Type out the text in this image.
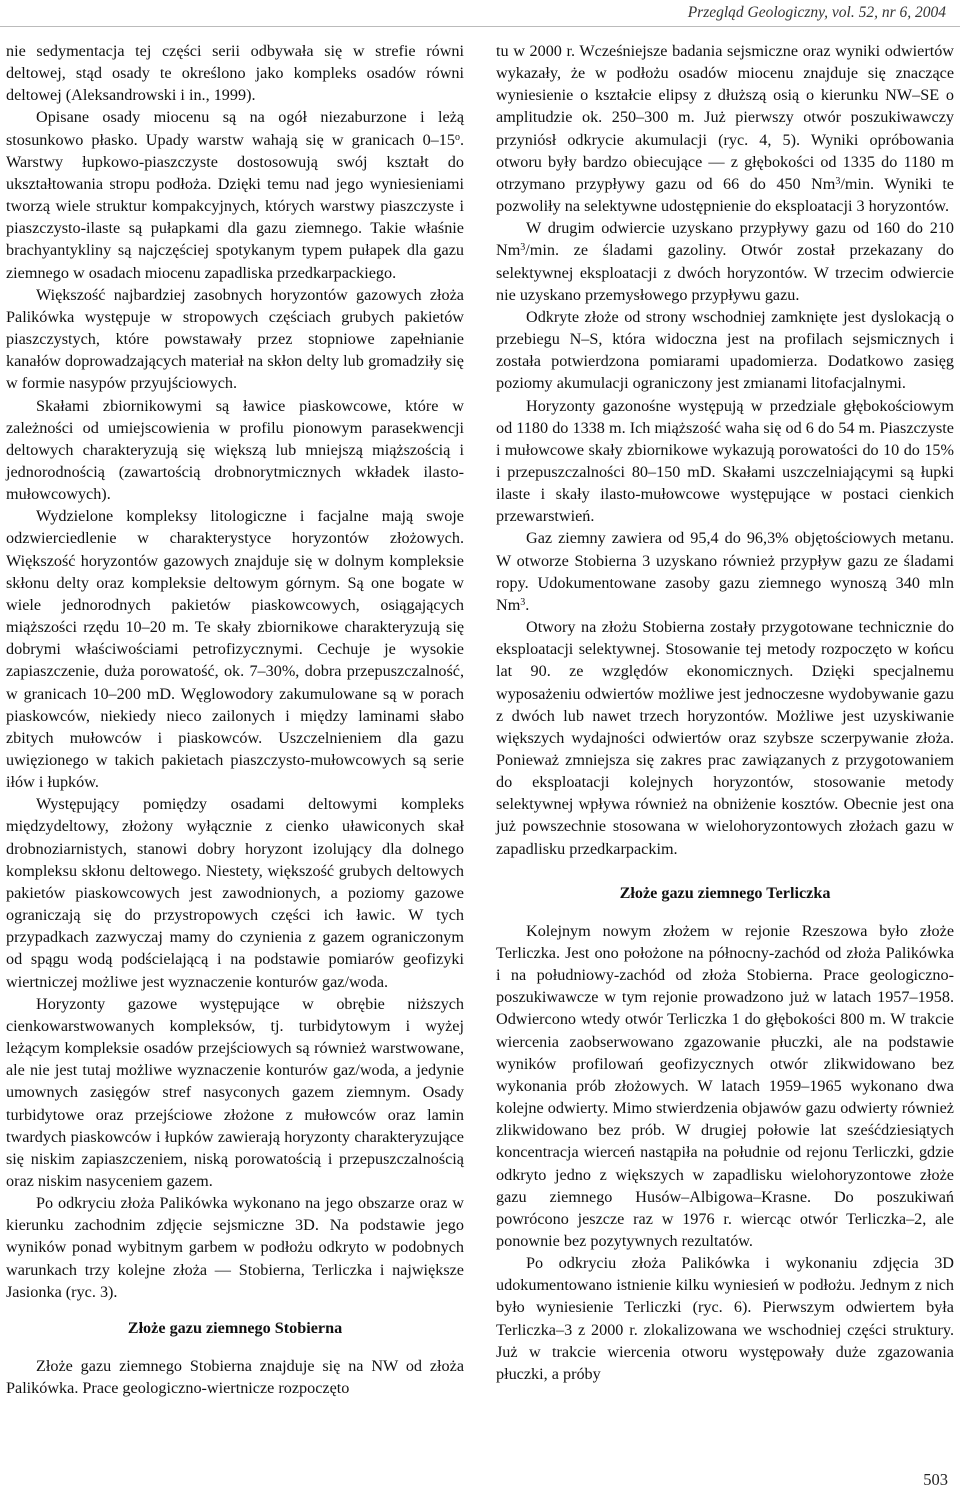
Przegląd Geologiczny, vol. 52, nr 6, 2004

nie sedymentacja tej części serii odbywała się w strefie równi deltowej, stąd osady te określono jako kompleks osadów równi deltowej (Aleksandrowski i in., 1999).

Opisane osady miocenu są na ogół niezaburzone i leżą stosunkowo płasko. Upady warstw wahają się w granicach 0–15$^o$. Warstwy łupkowo-piaszczyste dostosowują swój kształt do ukształtowania stropu podłoża. Dzięki temu nad jego wyniesieniami tworzą wiele struktur kompakcyjnych, których warstwy piaszczyste i piaszczysto-ilaste są pułapkami dla gazu ziemnego. Takie właśnie brachyantykliny są najczęściej spotykanym typem pułapek dla gazu ziemnego w osadach miocenu zapadliska przedkarpackiego.

Większość najbardziej zasobnych horyzontów gazowych złoża Palikówka występuje w stropowych częściach grubych pakietów piaszczystych, które powstawały przez stopniowe zapełnianie kanałów doprowadzających materiał na skłon delty lub gromadziły się w formie nasypów przyujściowych.

Skałami zbiornikowymi są ławice piaskowcowe, które w zależności od umiejscowienia w profilu pionowym parasekwencji deltowych charakteryzują się większą lub mniejszą miąższością i jednorodnością (zawartością drobnorytmicznych wkładek ilasto-mułowcowych).

Wydzielone kompleksy litologiczne i facjalne mają swoje odzwierciedlenie w charakterystyce horyzontów złożowych. Większość horyzontów gazowych znajduje się w dolnym kompleksie skłonu delty oraz kompleksie deltowym górnym. Są one bogate w wiele jednorodnych pakietów piaskowcowych, osiągających miąższości rzędu 10–20 m. Te skały zbiornikowe charakteryzują się dobrymi właściwościami petrofizycznymi. Cechuje je wysokie zapiaszczenie, duża porowatość, ok. 7–30%, dobra przepuszczalność, w granicach 10–200 mD. Węglowodory zakumulowane są w porach piaskowców, niekiedy nieco zailonych i między laminami słabo zbitych mułowców i piaskowców. Uszczelnieniem dla gazu uwięzionego w takich pakietach piaszczysto-mułowcowych są serie iłów i łupków.

Występujący pomiędzy osadami deltowymi kompleks międzydeltowy, złożony wyłącznie z cienko uławiconych skał drobnoziarnistych, stanowi dobry horyzont izolujący dla dolnego kompleksu skłonu deltowego. Niestety, większość grubych deltowych pakietów piaskowcowych jest zawodnionych, a poziomy gazowe ograniczają się do przystropowych części ich ławic. W tych przypadkach zazwyczaj mamy do czynienia z gazem ograniczonym od spągu wodą podścielającą i na podstawie pomiarów geofizyki wiertniczej możliwe jest wyznaczenie konturów gaz/woda.

Horyzonty gazowe występujące w obrębie niższych cienkowarstwowanych kompleksów, tj. turbidytowym i wyżej leżącym kompleksie osadów przejściowych są również warstwowane, ale nie jest tutaj możliwe wyznaczenie konturów gaz/woda, a jedynie umownych zasięgów stref nasyconych gazem ziemnym. Osady turbidytowe oraz przejściowe złożone z mułowców oraz lamin twardych piaskowców i łupków zawierają horyzonty charakteryzujące się niskim zapiaszczeniem, niską porowatością i przepuszczalnością oraz niskim nasyceniem gazem.

Po odkryciu złoża Palikówka wykonano na jego obszarze oraz w kierunku zachodnim zdjęcie sejsmiczne 3D. Na podstawie jego wyników ponad wybitnym garbem w podłożu odkryto w podobnych warunkach trzy kolejne złoża — Stobierna, Terliczka i największe Jasionka (ryc. 3).

Złoże gazu ziemnego Stobierna

Złoże gazu ziemnego Stobierna znajduje się na NW od złoża Palikówka. Prace geologiczno-wiertnicze rozpoczęto

tu w 2000 r. Wcześniejsze badania sejsmiczne oraz wyniki odwiertów wykazały, że w podłożu osadów miocenu znajduje się znaczące wyniesienie o kształcie elipsy z dłuższą osią o kierunku NW–SE o amplitudzie ok. 250–300 m. Już pierwszy otwór poszukiwawczy przyniósł odkrycie akumulacji (ryc. 4, 5). Wyniki opróbowania otworu były bardzo obiecujące — z głębokości od 1335 do 1180 m otrzymano przypływy gazu od 66 do 450 Nm$^3$/min. Wyniki te pozwoliły na selektywne udostępnienie do eksploatacji 3 horyzontów.

W drugim odwiercie uzyskano przypływy gazu od 160 do 210 Nm$^3$/min. ze śladami gazoliny. Otwór został przekazany do selektywnej eksploatacji z dwóch horyzontów. W trzecim odwiercie nie uzyskano przemysłowego przypływu gazu.

Odkryte złoże od strony wschodniej zamknięte jest dyslokacją o przebiegu N–S, która widoczna jest na profilach sejsmicznych i została potwierdzona pomiarami upadomierza. Dodatkowo zasięg poziomy akumulacji ograniczony jest zmianami litofacjalnymi.

Horyzonty gazonośne występują w przedziale głębokościowym od 1180 do 1338 m. Ich miąższość waha się od 6 do 54 m. Piaszczyste i mułowcowe skały zbiornikowe wykazują porowatości do 10 do 15% i przepuszczalności 80–150 mD. Skałami uszczelniającymi są łupki ilaste i skały ilasto-mułowcowe występujące w postaci cienkich przewarstwień.

Gaz ziemny zawiera od 95,4 do 96,3% objętościowych metanu. W otworze Stobierna 3 uzyskano również przypływ gazu ze śladami ropy. Udokumentowane zasoby gazu ziemnego wynoszą 340 mln Nm$^3$.

Otwory na złożu Stobierna zostały przygotowane technicznie do eksploatacji selektywnej. Stosowanie tej metody rozpoczęto w końcu lat 90. ze względów ekonomicznych. Dzięki specjalnemu wyposażeniu odwiertów możliwe jest jednoczesne wydobywanie gazu z dwóch lub nawet trzech horyzontów. Możliwe jest uzyskiwanie większych wydajności odwiertów oraz szybsze sczerpywanie złoża. Ponieważ zmniejsza się zakres prac zawiązanych z przygotowaniem do eksploatacji kolejnych horyzontów, stosowanie metody selektywnej wpływa również na obniżenie kosztów. Obecnie jest ona już powszechnie stosowana w wielohoryzontowych złożach gazu w zapadlisku przedkarpackim.

Złoże gazu ziemnego Terliczka

Kolejnym nowym złożem w rejonie Rzeszowa było złoże Terliczka. Jest ono położone na północny-zachód od złoża Palikówka i na południowy-zachód od złoża Stobierna. Prace geologiczno-poszukiwawcze w tym rejonie prowadzono już w latach 1957–1958. Odwiercono wtedy otwór Terliczka 1 do głębokości 800 m. W trakcie wiercenia zaobserwowano zgazowanie płuczki, ale na podstawie wyników profilowań geofizycznych otwór zlikwidowano bez wykonania prób złożowych. W latach 1959–1965 wykonano dwa kolejne odwierty. Mimo stwierdzenia objawów gazu odwierty również zlikwidowano bez prób. W drugiej połowie lat sześćdziesiątych koncentracja wierceń nastąpiła na południe od rejonu Terliczki, gdzie odkryto jedno z większych w zapadlisku wielohoryzontowe złoże gazu ziemnego Husów–Albigowa–Krasne. Do poszukiwań powrócono jeszcze raz w 1976 r. wiercąc otwór Terliczka–2, ale ponownie bez pozytywnych rezultatów.

Po odkryciu złoża Palikówka i wykonaniu zdjęcia 3D udokumentowano istnienie kilku wyniesień w podłożu. Jednym z nich było wyniesienie Terliczki (ryc. 6). Pierwszym odwiertem była Terliczka–3 z 2000 r. zlokalizowana we wschodniej części struktury. Już w trakcie wiercenia otworu występowały duże zgazowania płuczki, a próby

503
